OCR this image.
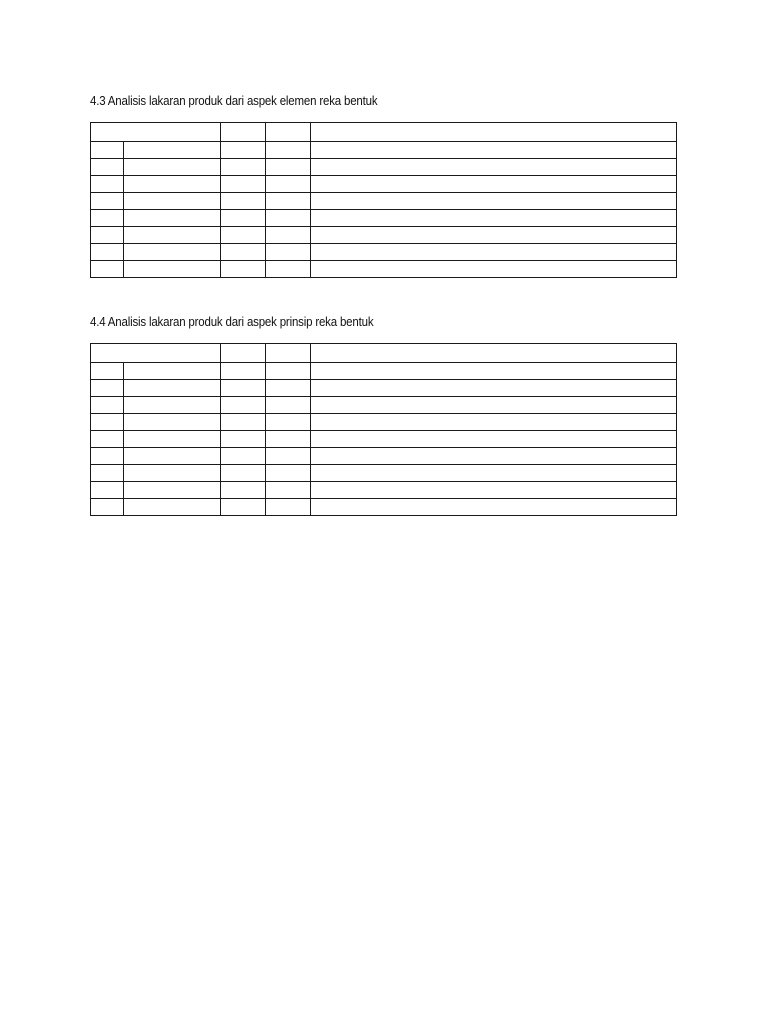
4.3 Analisis lakaran produk dari aspek elemen reka bentuk

4.4 Analisis lakaran produk dari aspek prinsip reka bentuk
